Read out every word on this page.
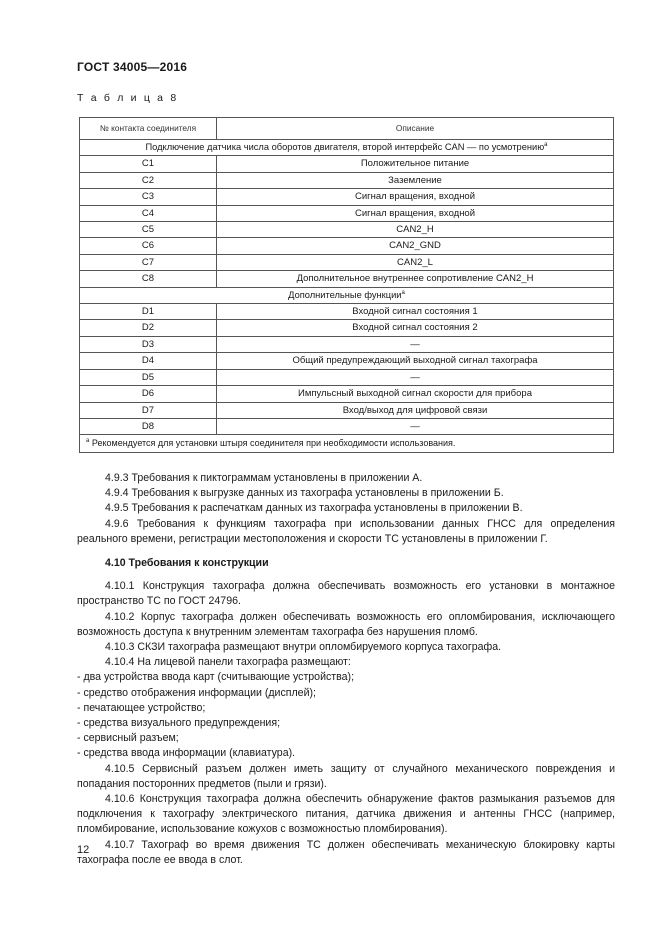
ГОСТ 34005—2016
Т а б л и ц а 8
№ контакта соединителя	Описание
Подключение датчика числа оборотов двигателя, второй интерфейс CAN — по усмотрению$^а$
C1	Положительное питание
C2	Заземление
C3	Сигнал вращения, входной
C4	Сигнал вращения, входной
C5	CAN2_H
C6	CAN2_GND
C7	CAN2_L
C8	Дополнительное внутреннее сопротивление CAN2_H
Дополнительные функции$^а$
D1	Входной сигнал состояния 1
D2	Входной сигнал состояния 2
D3	—
D4	Общий предупреждающий выходной сигнал тахографа
D5	—
D6	Импульсный выходной сигнал скорости для прибора
D7	Вход/выход для цифровой связи
D8	—
$^а$ Рекомендуется для установки штыря соединителя при необходимости использования.	

4.9.3 Требования к пиктограммам установлены в приложении А.

4.9.4 Требования к выгрузке данных из тахографа установлены в приложении Б.

4.9.5 Требования к распечаткам данных из тахографа установлены в приложении В.

4.9.6 Требования к функциям тахографа при использовании данных ГНСС для определения реального времени, регистрации местоположения и скорости ТС установлены в приложении Г.

4.10 Требования к конструкции

4.10.1 Конструкция тахографа должна обеспечивать возможность его установки в монтажное пространство ТС по ГОСТ 24796.

4.10.2 Корпус тахографа должен обеспечивать возможность его опломбирования, исключающего возможность доступа к внутренним элементам тахографа без нарушения пломб.

4.10.3 СКЗИ тахографа размещают внутри опломбируемого корпуса тахографа.

4.10.4 На лицевой панели тахографа размещают:

- два устройства ввода карт (считывающие устройства);

- средство отображения информации (дисплей);

- печатающее устройство;

- средства визуального предупреждения;

- сервисный разъем;

- средства ввода информации (клавиатура).

4.10.5 Сервисный разъем должен иметь защиту от случайного механического повреждения и попадания посторонних предметов (пыли и грязи).

4.10.6 Конструкция тахографа должна обеспечить обнаружение фактов размыкания разъемов для подключения к тахографу электрического питания, датчика движения и антенны ГНСС (например, пломбирование, использование кожухов с возможностью пломбирования).

4.10.7 Тахограф во время движения ТС должен обеспечивать механическую блокировку карты тахографа после ее ввода в слот.

12
